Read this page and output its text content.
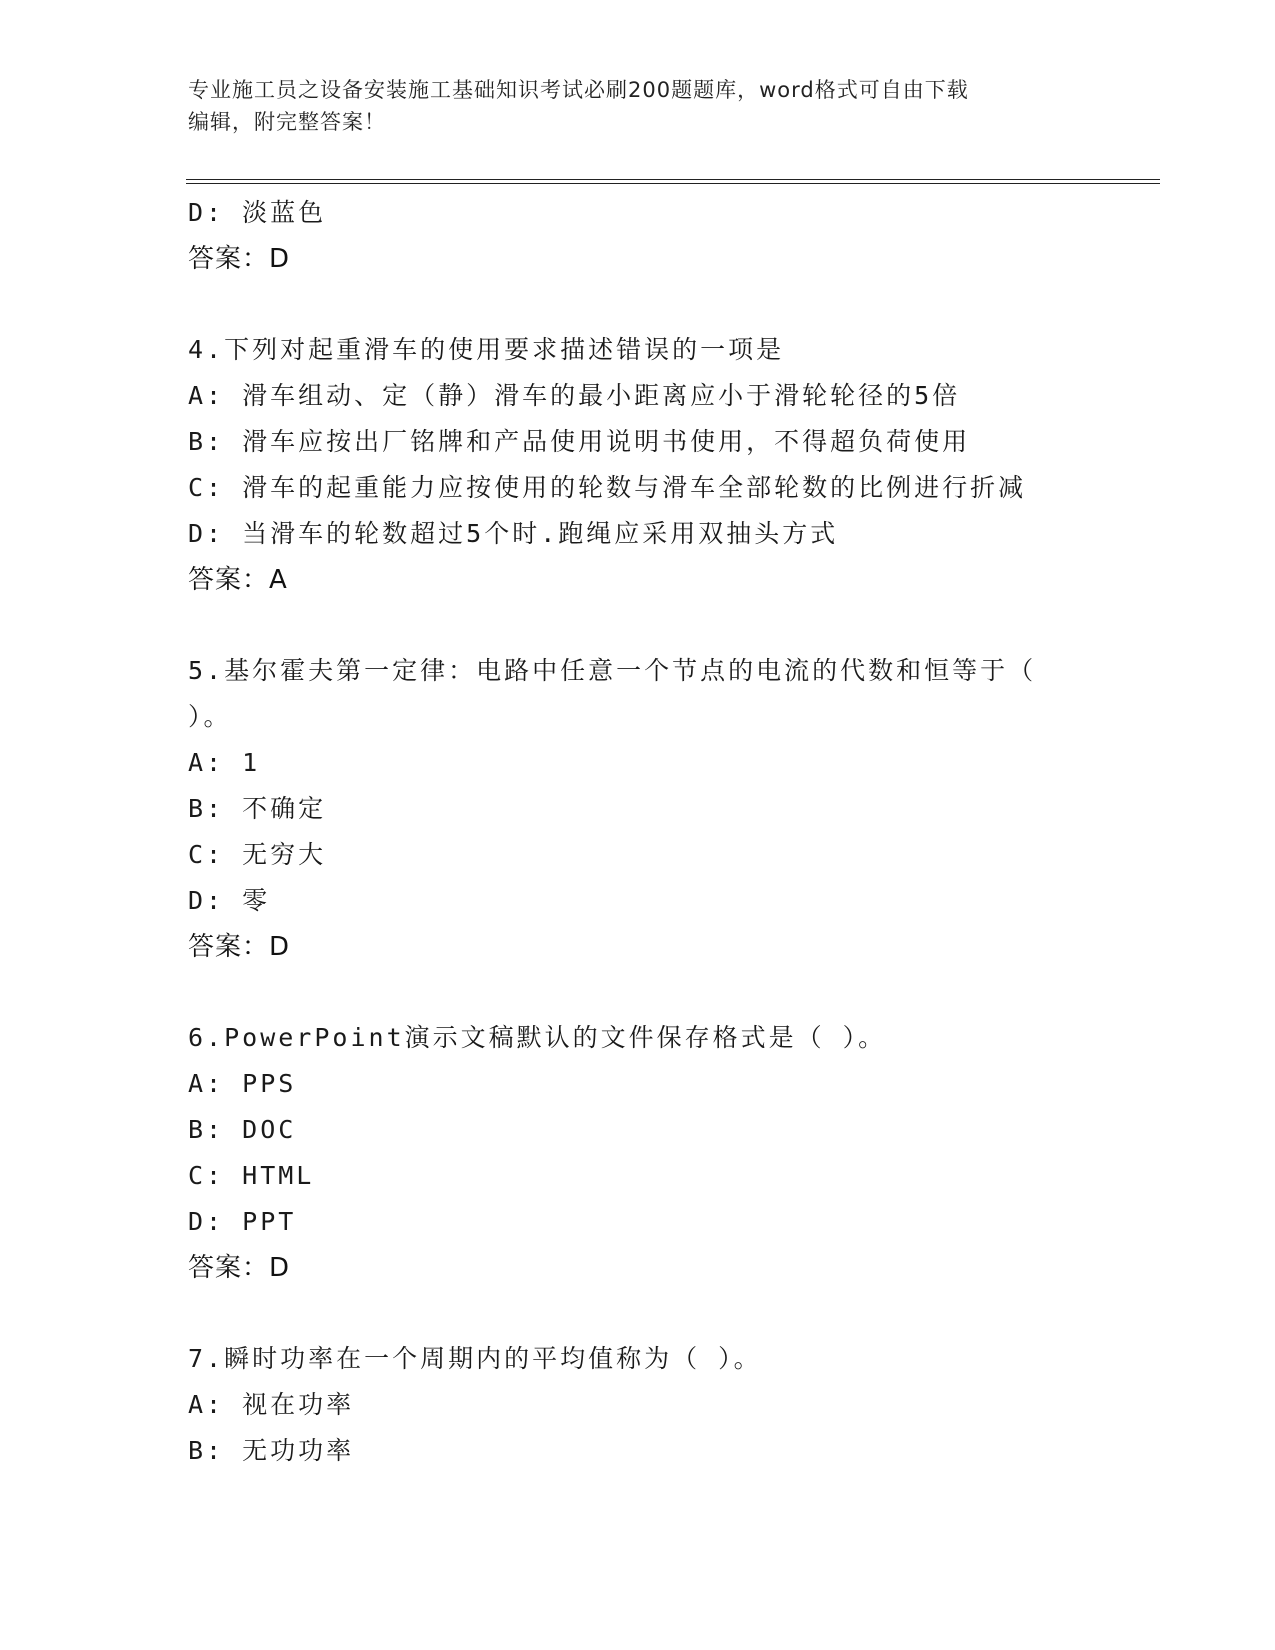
专业施工员之设备安装施工基础知识考试必刷200题题库，word格式可自由下载
编辑，附完整答案！
D: 淡蓝色
答案：D
4.下列对起重滑车的使用要求描述错误的一项是
A: 滑车组动、定（静）滑车的最小距离应小于滑轮轮径的5倍
B: 滑车应按出厂铭牌和产品使用说明书使用，不得超负荷使用
C: 滑车的起重能力应按使用的轮数与滑车全部轮数的比例进行折减
D: 当滑车的轮数超过5个时.跑绳应采用双抽头方式
答案：A
5.基尔霍夫第一定律：电路中任意一个节点的电流的代数和恒等于（
）。
A: 1
B: 不确定
C: 无穷大
D: 零
答案：D
6.PowerPoint演示文稿默认的文件保存格式是（ ）。
A: PPS
B: DOC
C: HTML
D: PPT
答案：D
7.瞬时功率在一个周期内的平均值称为（ ）。
A: 视在功率
B: 无功功率
